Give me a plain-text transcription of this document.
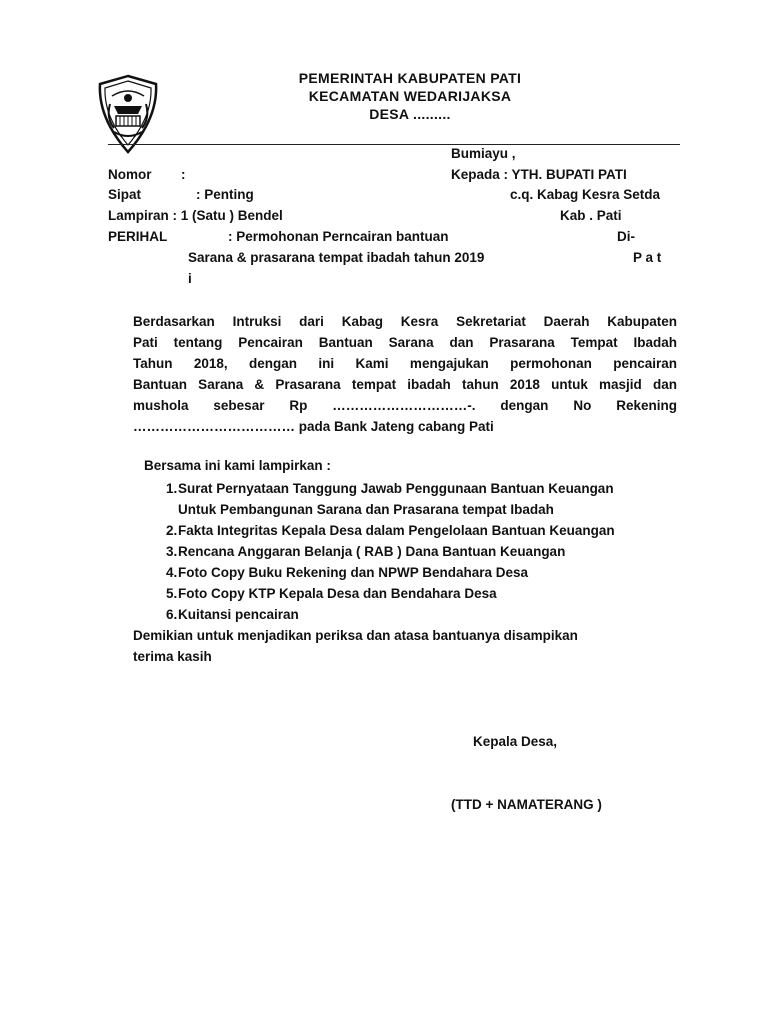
PEMERINTAH KABUPATEN PATI
KECAMATAN WEDARIJAKSA
DESA .........
Bumiayu ,
Nomor :
Sipat	: Penting
Lampiran : 1 (Satu ) Bendel
PERIHAL	: Permohonan Perncairan bantuan
Sarana & prasarana tempat ibadah tahun 2019
i
Kepada : YTH. BUPATI PATI
c.q. Kabag Kesra Setda
Kab . Pati
Di-
P a t
Berdasarkan Intruksi dari Kabag Kesra Sekretariat Daerah Kabupaten
Pati tentang Pencairan Bantuan Sarana dan Prasarana Tempat Ibadah
Tahun 2018, dengan ini Kami mengajukan permohonan pencairan
Bantuan Sarana & Prasarana tempat ibadah tahun 2018 untuk masjid dan
mushola sebesar Rp …………………………-. dengan No Rekening
……………………………… pada Bank Jateng cabang Pati
Bersama ini kami lampirkan :
1. Surat Pernyataan Tanggung Jawab Penggunaan Bantuan Keuangan
Untuk Pembangunan Sarana dan Prasarana tempat Ibadah
2. Fakta Integritas Kepala Desa dalam Pengelolaan Bantuan Keuangan
3. Rencana Anggaran Belanja ( RAB ) Dana Bantuan Keuangan
4. Foto Copy Buku Rekening dan NPWP Bendahara Desa
5. Foto Copy KTP Kepala Desa dan Bendahara Desa
6. Kuitansi pencairan
Demikian untuk menjadikan periksa dan atasa bantuanya disampikan
terima kasih
Kepala Desa,
(TTD + NAMATERANG )
